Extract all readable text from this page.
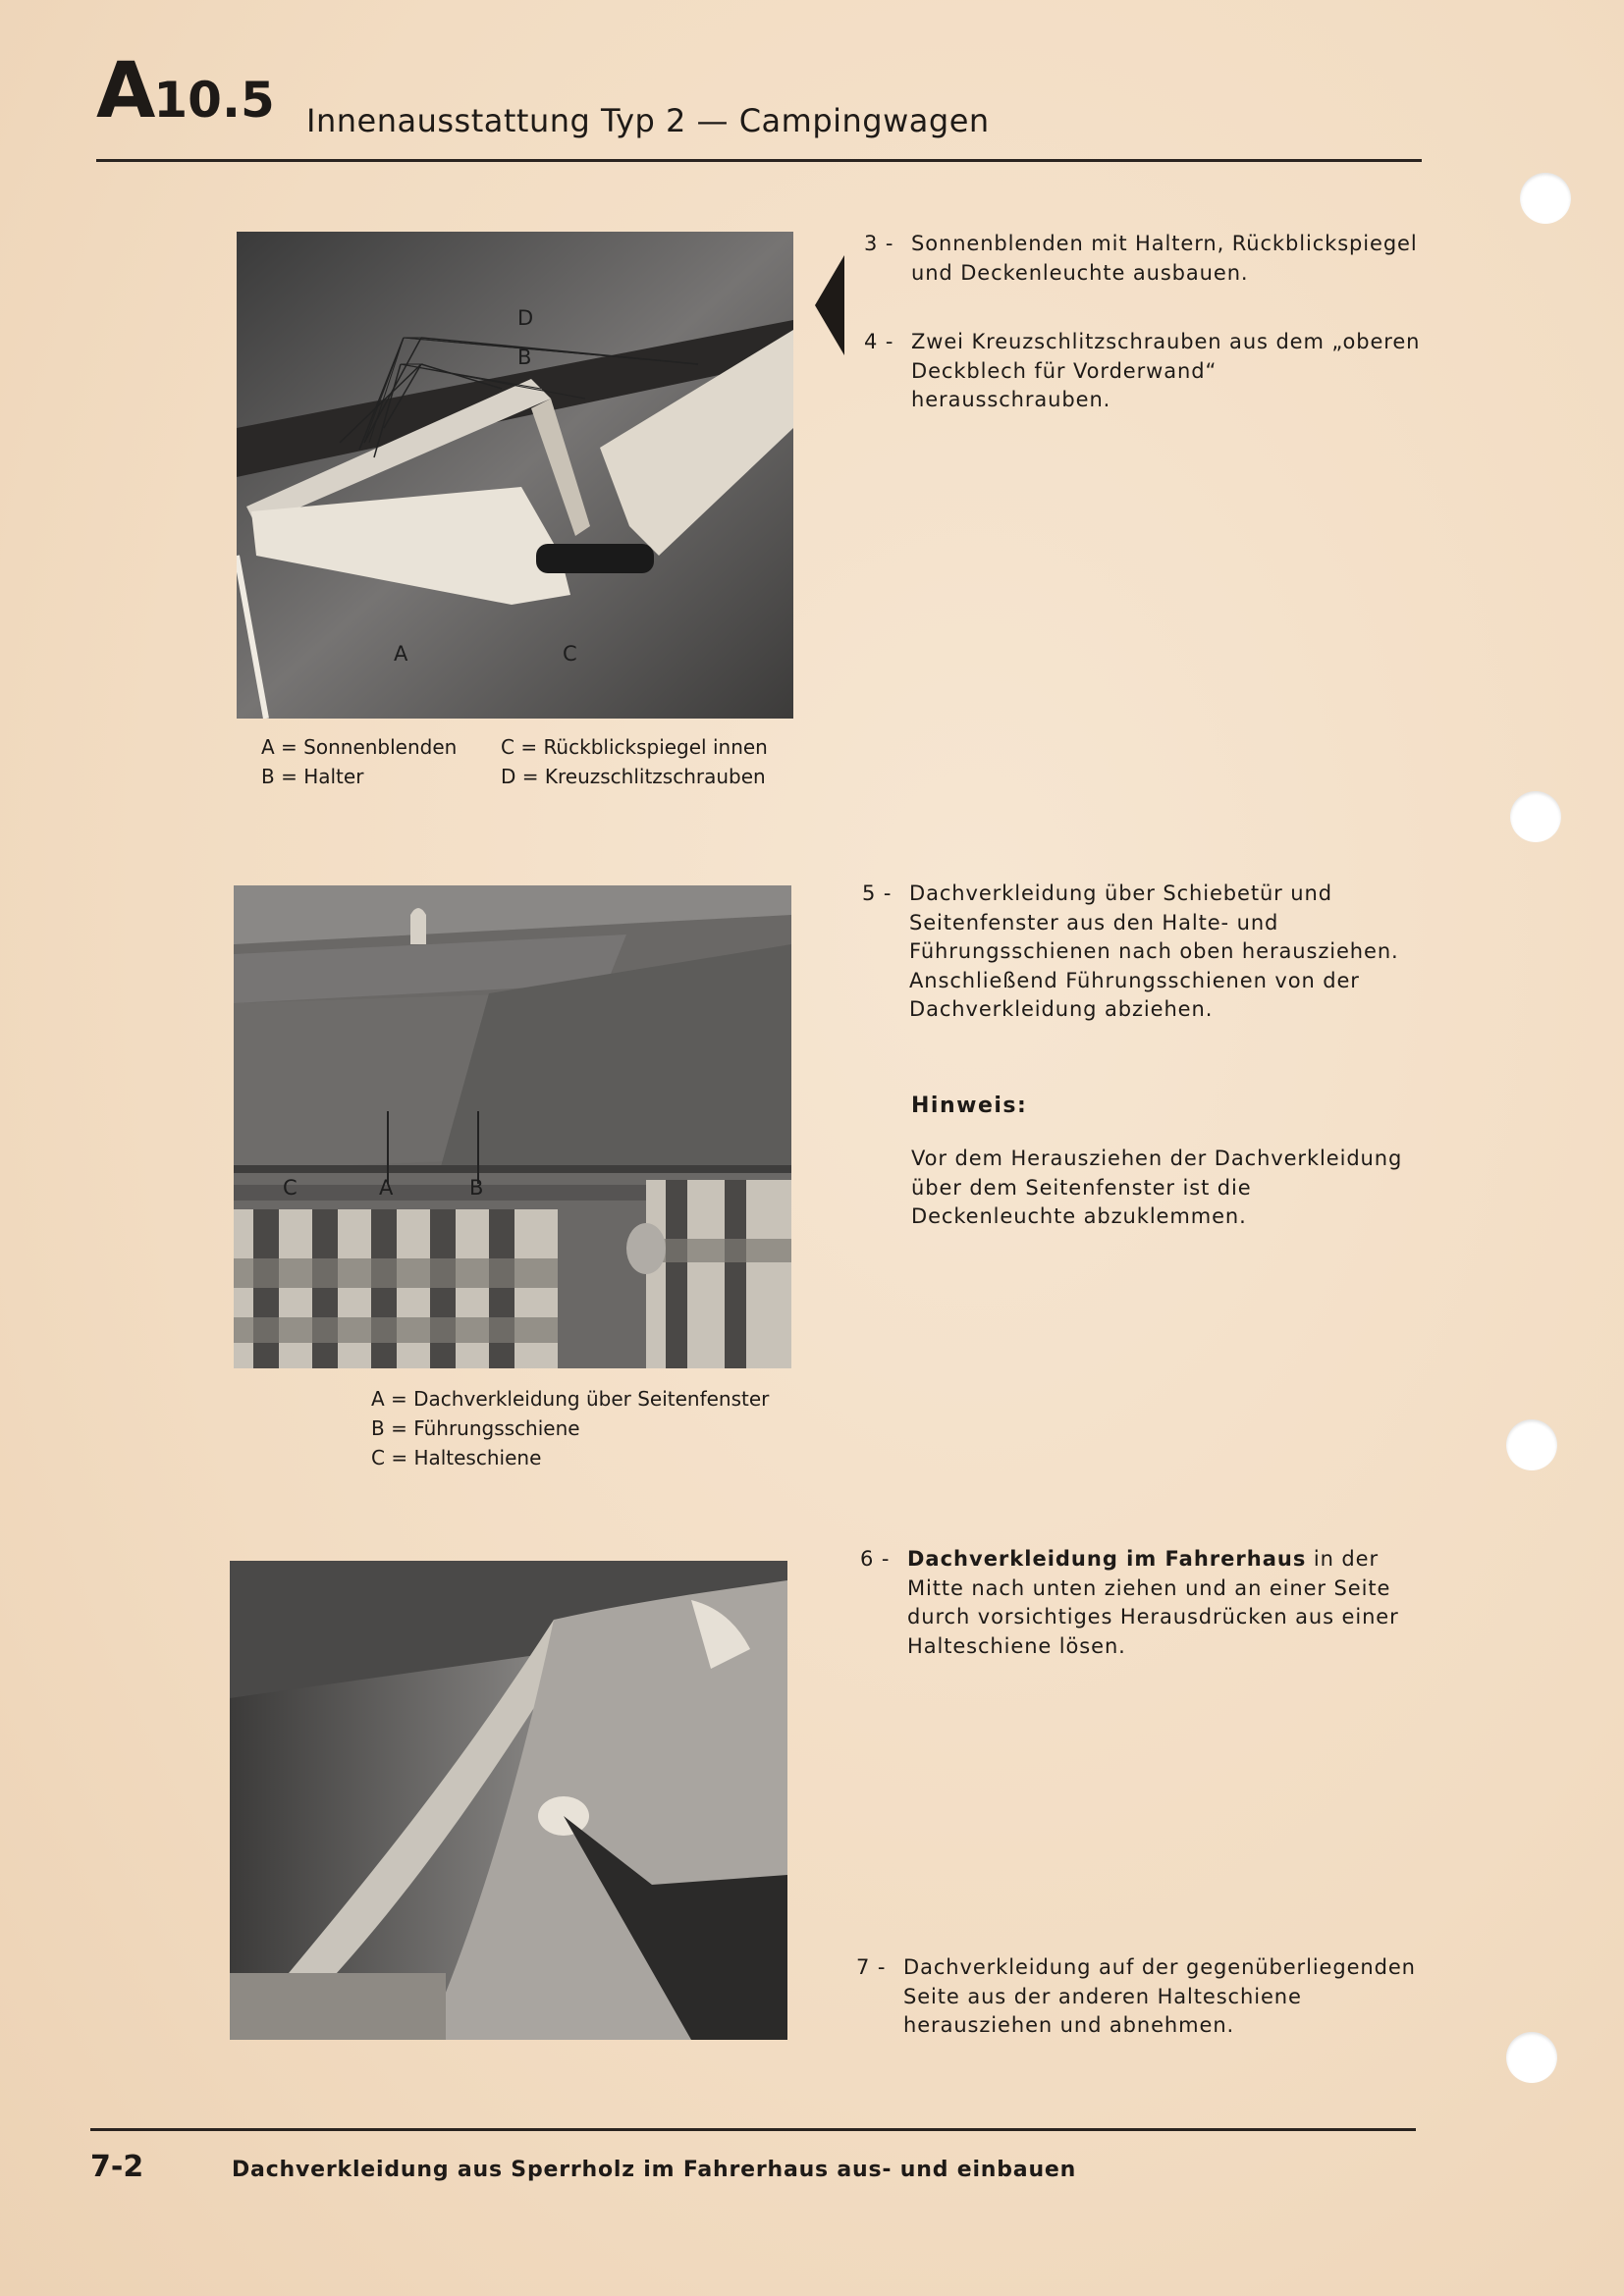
A10.5 Innenausstattung Typ 2 — Campingwagen
D
B
A	C
A = Sonnenblenden
B = Halter
C = Rückblickspiegel innen
D = Kreuzschlitzschrauben
3 - Sonnenblenden mit Haltern, Rückblickspiegel und Deckenleuchte ausbauen.
4 - Zwei Kreuzschlitzschrauben aus dem „oberen Deckblech für Vorderwand“ herausschrauben.
C	A	B
A = Dachverkleidung über Seitenfenster
B = Führungsschiene
C = Halteschiene
5 - Dachverkleidung über Schiebetür und Seitenfenster aus den Halte- und Führungsschienen nach oben herausziehen. Anschließend Führungsschienen von der Dachverkleidung abziehen.
Hinweis:
Vor dem Herausziehen der Dachverkleidung über dem Seitenfenster ist die Deckenleuchte abzuklemmen.
6 - Dachverkleidung im Fahrerhaus in der Mitte nach unten ziehen und an einer Seite durch vorsichtiges Herausdrücken aus einer Halteschiene lösen.
7 - Dachverkleidung auf der gegenüberliegenden Seite aus der anderen Halteschiene herausziehen und abnehmen.
7-2	Dachverkleidung aus Sperrholz im Fahrerhaus aus- und einbauen
